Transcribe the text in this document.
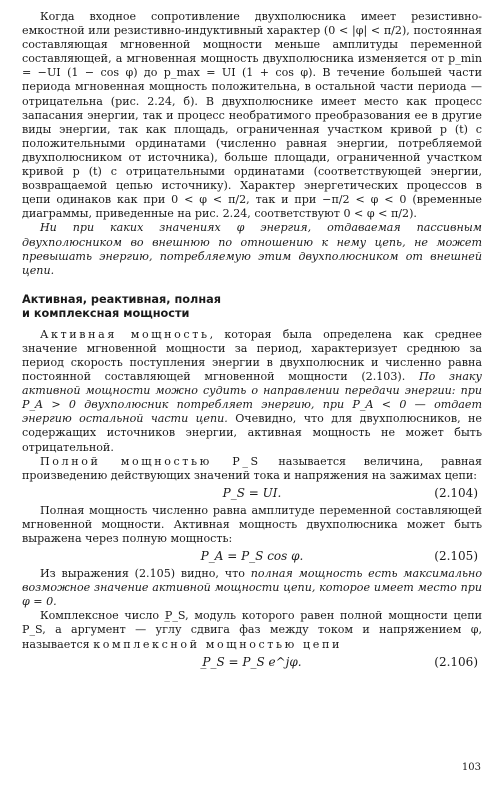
Когда входное сопротивление двухполюсника имеет резистивно-емкостной или резистивно-индуктивный характер (0 < |φ| < π/2), постоянная составляющая мгновенной мощности меньше амплитуды переменной составляющей, а мгновенная мощность двухполюсника изменяется от p_min = −UI (1 − cos φ) до p_max = UI (1 + cos φ). В течение большей части периода мгновенная мощность положительна, в остальной части периода — отрицательна (рис. 2.24, б). В двухполюснике имеет место как процесс запасания энергии, так и процесс необратимого преобразования ее в другие виды энергии, так как площадь, ограниченная участком кривой p (t) с положительными ординатами (численно равная энергии, потребляемой двухполюсником от источника), больше площади, ограниченной участком кривой p (t) с отрицательными ординатами (соответствующей энергии, возвращаемой цепью источнику). Характер энергетических процессов в цепи одинаков как при 0 < φ < π/2, так и при −π/2 < φ < 0 (временные диаграммы, приведенные на рис. 2.24, соответствуют 0 < φ < π/2).

Ни при каких значениях φ энергия, отдаваемая пассивным двухполюсником во внешнюю по отношению к нему цепь, не может превышать энергию, потребляемую этим двухполюсником от внешней цепи.

Активная, реактивная, полная
и комплексная мощности

Активная мощность, которая была определена как среднее значение мгновенной мощности за период, характеризует среднюю за период скорость поступления энергии в двухполюсник и численно равна постоянной составляющей мгновенной мощности (2.103). По знаку активной мощности можно судить о направлении передачи энергии: при P_A > 0 двухполюсник потребляет энергию, при P_A < 0 — отдает энергию остальной части цепи. Очевидно, что для двухполюсников, не содержащих источников энергии, активная мощность не может быть отрицательной.

Полной мощностью P_S называется величина, равная произведению действующих значений тока и напряжения на зажимах цепи:

P_S = UI.	(2.104)

Полная мощность численно равна амплитуде переменной составляющей мгновенной мощности. Активная мощность двухполюсника может быть выражена через полную мощность:

P_A = P_S cos φ.	(2.105)

Из выражения (2.105) видно, что полная мощность есть максимально возможное значение активной мощности цепи, которое имеет место при φ = 0.

Комплексное число P̲_S, модуль которого равен полной мощности цепи P_S, а аргумент — углу сдвига фаз между током и напряжением φ, называется комплексной мощностью цепи

P̲_S = P_S e^jφ.	(2.106)
103
